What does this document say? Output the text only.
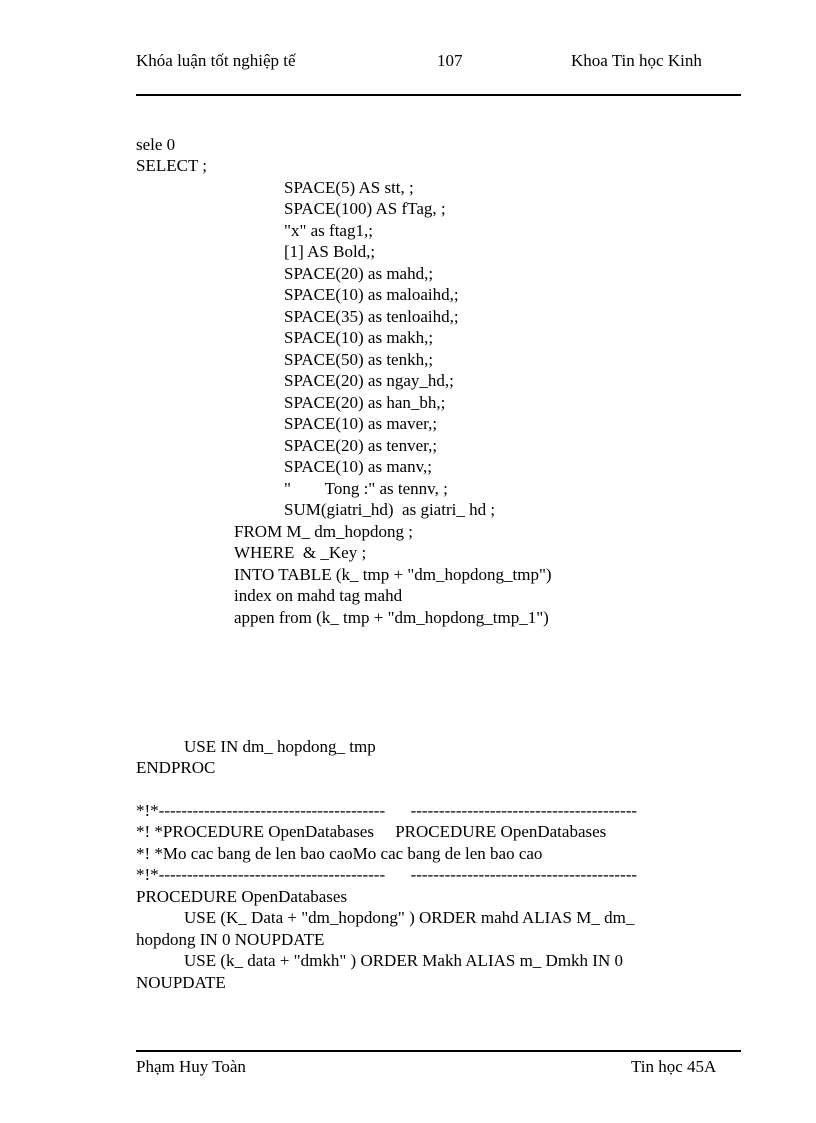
Khóa luận tốt nghiệp tế	107	Khoa Tin học Kinh
sele 0
SELECT ;
SPACE(5) AS stt, ;
SPACE(100) AS fTag, ;
"x" as ftag1,;
[1] AS Bold,;
SPACE(20) as mahd,;
SPACE(10) as maloaihd,;
SPACE(35) as tenloaihd,;
SPACE(10) as makh,;
SPACE(50) as tenkh,;
SPACE(20) as ngay_hd,;
SPACE(20) as han_bh,;
SPACE(10) as maver,;
SPACE(20) as tenver,;
SPACE(10) as manv,;
"        Tong :" as tennv, ;
SUM(giatri_hd)  as giatri_ hd ;
FROM M_ dm_hopdong ;
WHERE  & _Key ;
INTO TABLE (k_ tmp + "dm_hopdong_tmp")
index on mahd tag mahd
appen from (k_ tmp + "dm_hopdong_tmp_1")
USE IN dm_ hopdong_ tmp
ENDPROC
*!*----------------------------------------      ----------------------------------------
*! *PROCEDURE OpenDatabases     PROCEDURE OpenDatabases
*! *Mo cac bang de len bao caoMo cac bang de len bao cao
*!*----------------------------------------      ----------------------------------------
PROCEDURE OpenDatabases
USE (K_ Data + "dm_hopdong" ) ORDER mahd ALIAS M_ dm_
hopdong IN 0 NOUPDATE
USE (k_ data + "dmkh" ) ORDER Makh ALIAS m_ Dmkh IN 0
NOUPDATE
Phạm Huy Toàn	Tin học 45A
